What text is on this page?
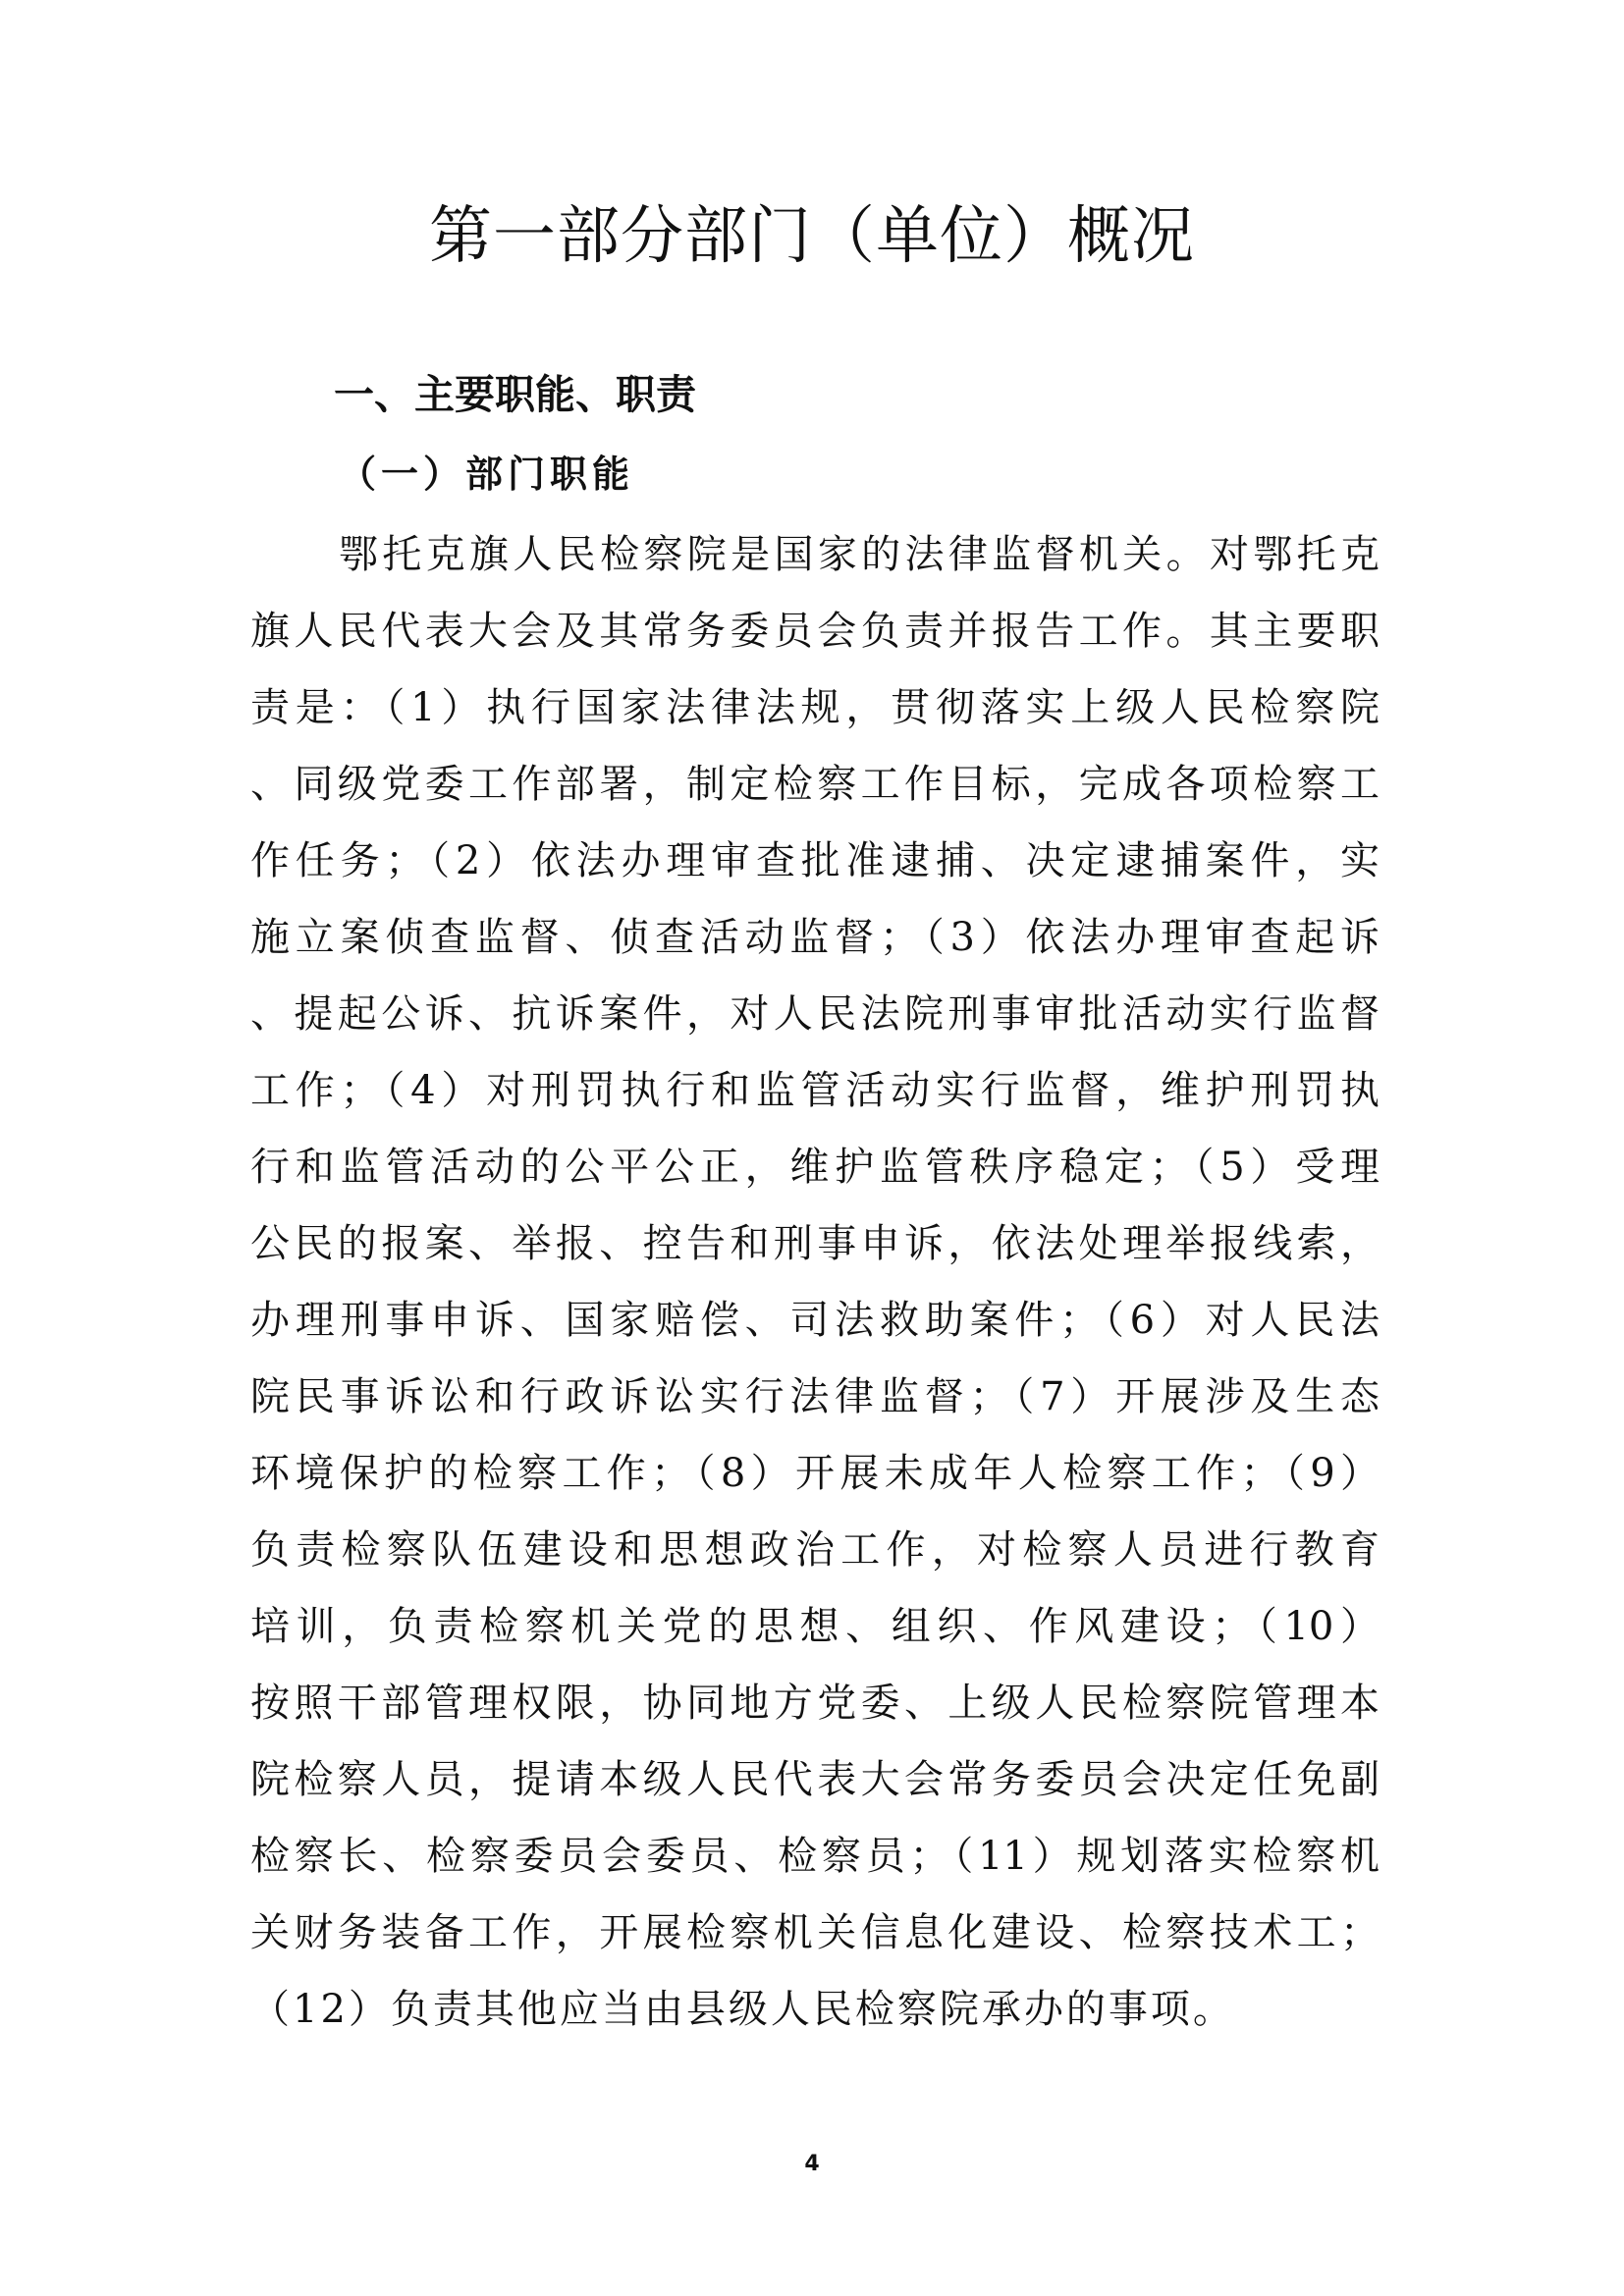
第一部分部门（单位）概况
一、主要职能、职责
（一）部门职能

鄂托克旗人民检察院是国家的法律监督机关。对鄂托克

旗人民代表大会及其常务委员会负责并报告工作。其主要职

责是：（1）执行国家法律法规，贯彻落实上级人民检察院

、同级党委工作部署，制定检察工作目标，完成各项检察工

作任务；（2）依法办理审查批准逮捕、决定逮捕案件，实

施立案侦查监督、侦查活动监督；（3）依法办理审查起诉

、提起公诉、抗诉案件，对人民法院刑事审批活动实行监督

工作；（4）对刑罚执行和监管活动实行监督，维护刑罚执

行和监管活动的公平公正，维护监管秩序稳定；（5）受理

公民的报案、举报、控告和刑事申诉，依法处理举报线索，

办理刑事申诉、国家赔偿、司法救助案件；（6）对人民法

院民事诉讼和行政诉讼实行法律监督；（7）开展涉及生态

环境保护的检察工作；（8）开展未成年人检察工作；（9）

负责检察队伍建设和思想政治工作，对检察人员进行教育

培训，负责检察机关党的思想、组织、作风建设；（10）

按照干部管理权限，协同地方党委、上级人民检察院管理本

院检察人员，提请本级人民代表大会常务委员会决定任免副

检察长、检察委员会委员、检察员；（11）规划落实检察机

关财务装备工作，开展检察机关信息化建设、检察技术工；

（12）负责其他应当由县级人民检察院承办的事项。

4
